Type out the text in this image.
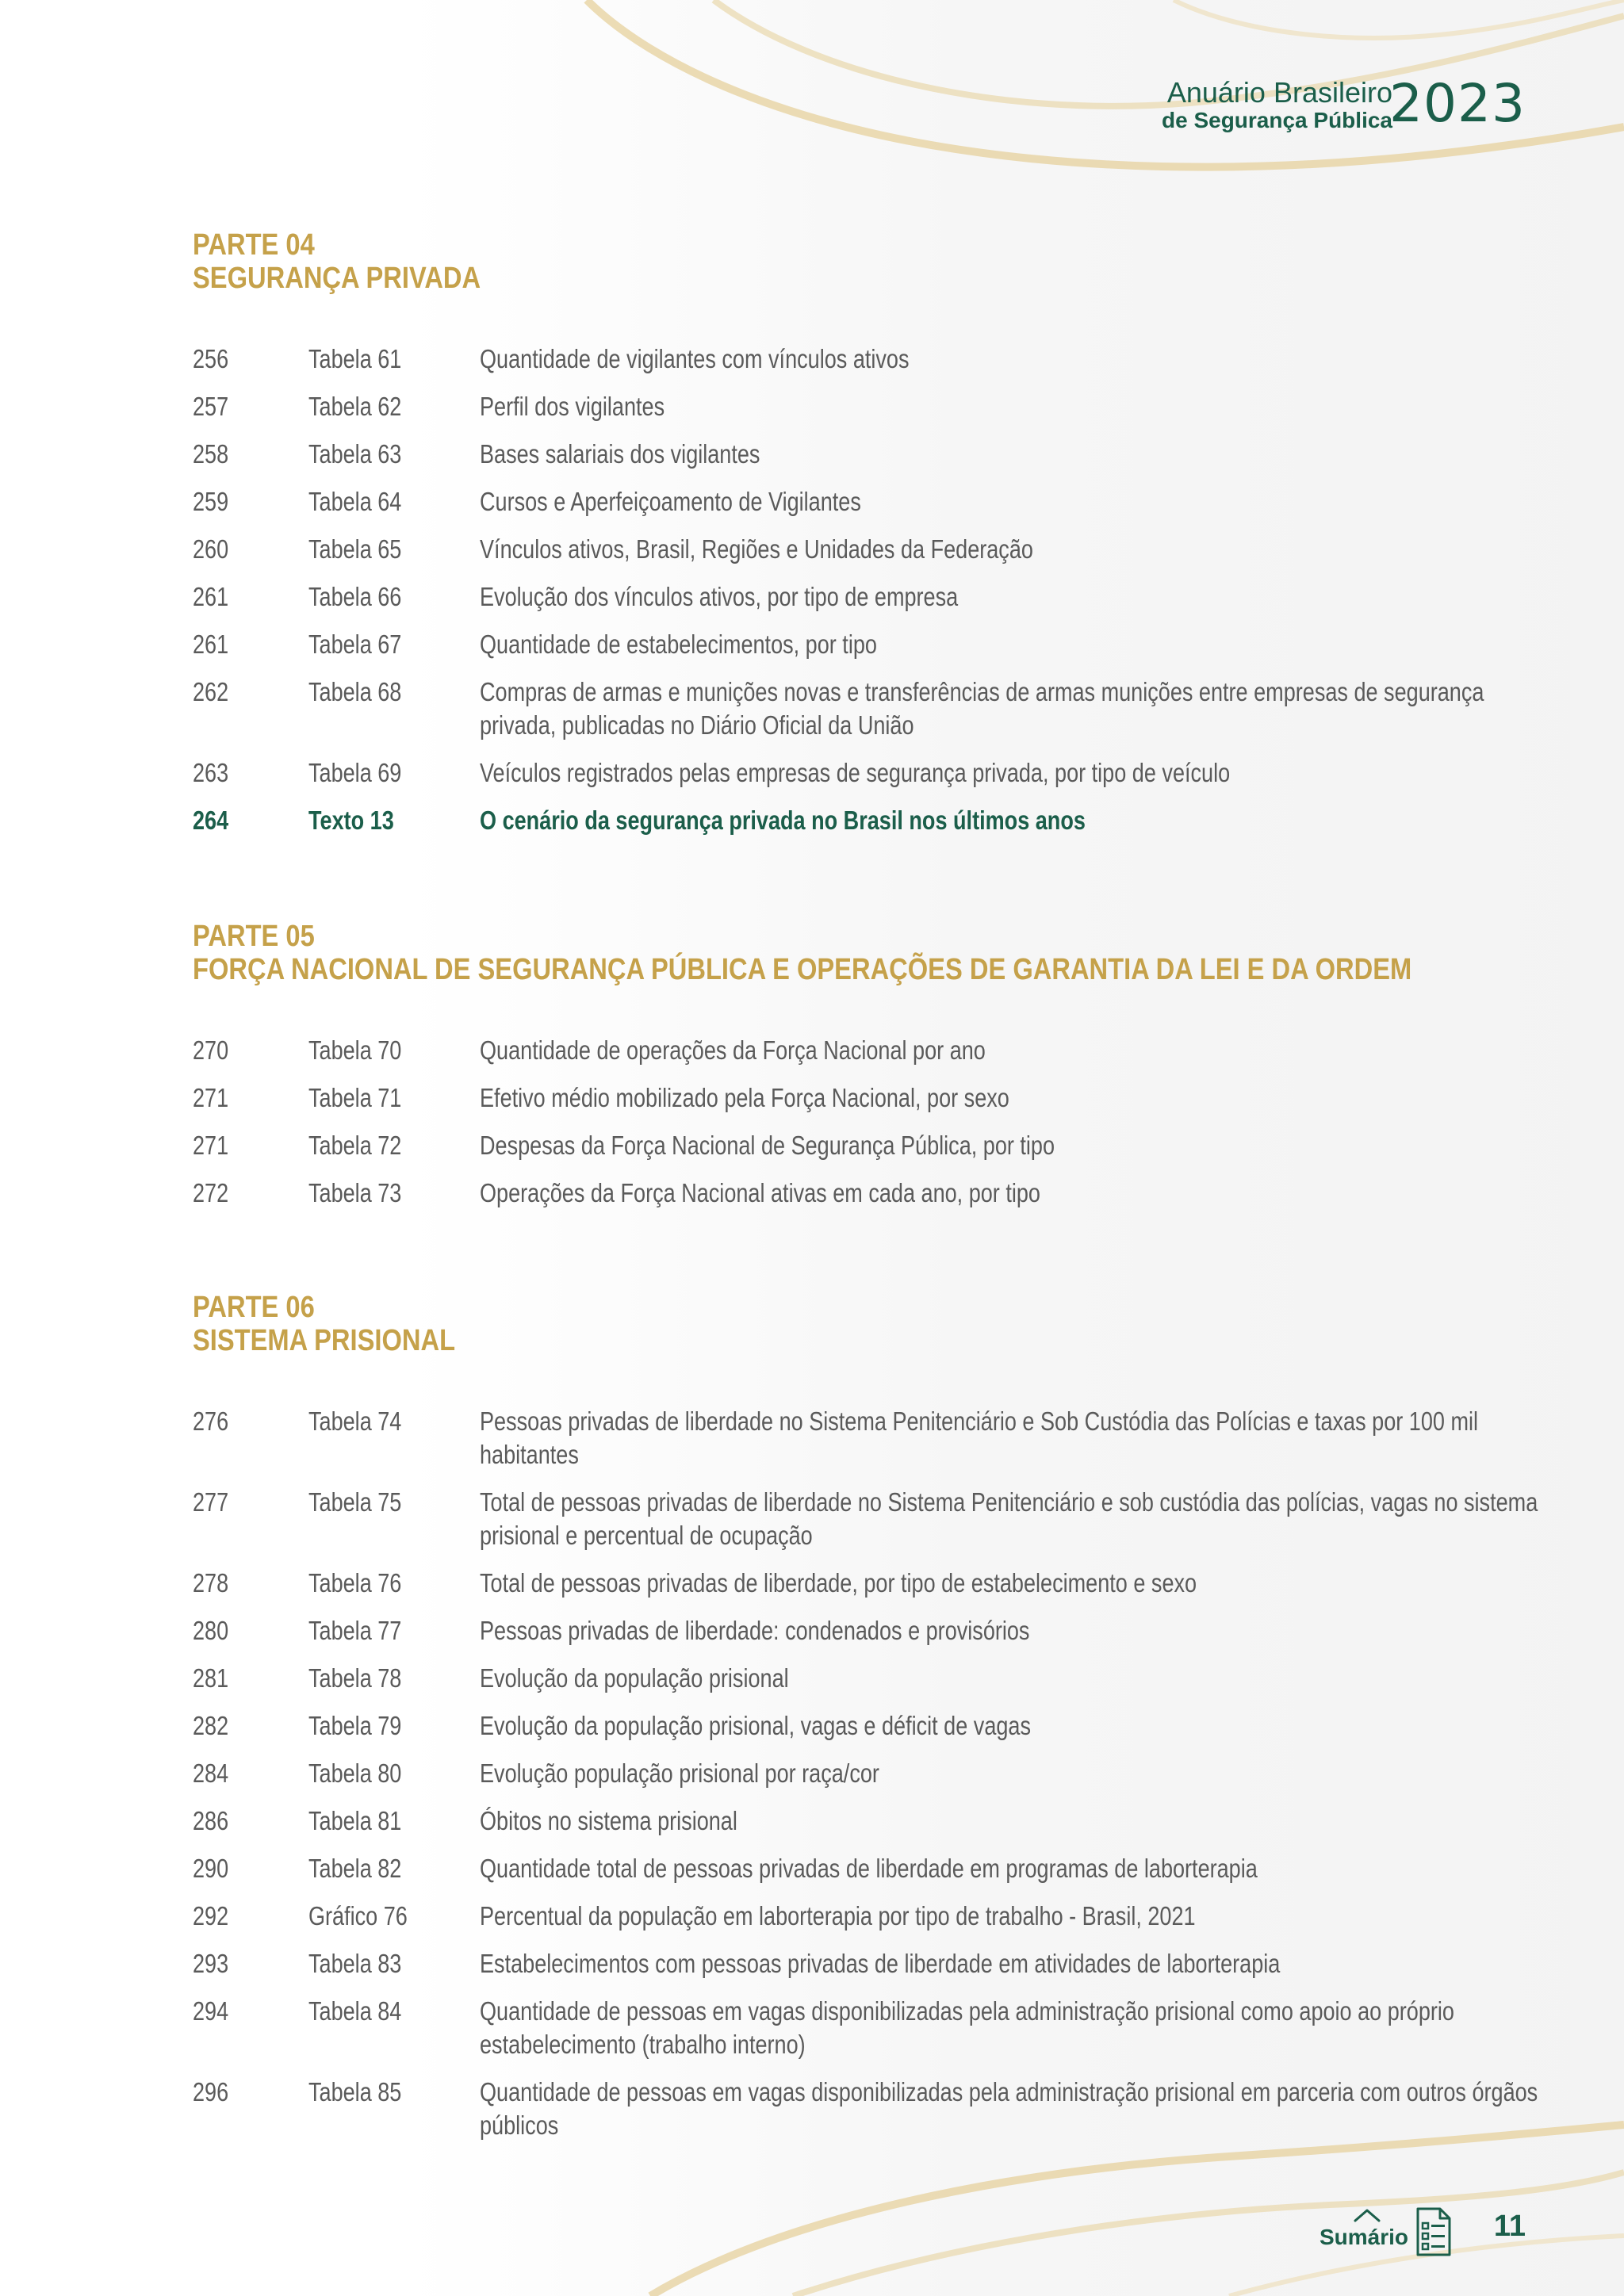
Anuário Brasileiro
de Segurança Pública
2023
PARTE 04
SEGURANÇA PRIVADA
256	Tabela 61	Quantidade de vigilantes com vínculos ativos
257	Tabela 62	Perfil dos vigilantes
258	Tabela 63	Bases salariais dos vigilantes
259	Tabela 64	Cursos e Aperfeiçoamento de Vigilantes
260	Tabela 65	Vínculos ativos, Brasil, Regiões e Unidades da Federação
261	Tabela 66	Evolução dos vínculos ativos, por tipo de empresa
261	Tabela 67	Quantidade de estabelecimentos, por tipo
262	Tabela 68	Compras de armas e munições novas e transferências de armas munições entre empresas de segurança privada, publicadas no Diário Oficial da União
263	Tabela 69	Veículos registrados pelas empresas de segurança privada, por tipo de veículo
264	Texto 13	O cenário da segurança privada no Brasil nos últimos anos
PARTE 05
FORÇA NACIONAL DE SEGURANÇA PÚBLICA E OPERAÇÕES DE GARANTIA DA LEI E DA ORDEM
270	Tabela 70	Quantidade de operações da Força Nacional por ano
271	Tabela 71	Efetivo médio mobilizado pela Força Nacional, por sexo
271	Tabela 72	Despesas da Força Nacional de Segurança Pública, por tipo
272	Tabela 73	Operações da Força Nacional ativas em cada ano, por tipo
PARTE 06
SISTEMA PRISIONAL
276	Tabela 74	Pessoas privadas de liberdade no Sistema Penitenciário e Sob Custódia das Polícias e taxas por 100 mil habitantes
277	Tabela 75	Total de pessoas privadas de liberdade no Sistema Penitenciário e sob custódia das polícias, vagas no sistema prisional e percentual de ocupação
278	Tabela 76	Total de pessoas privadas de liberdade, por tipo de estabelecimento e sexo
280	Tabela 77	Pessoas privadas de liberdade: condenados e provisórios
281	Tabela 78	Evolução da população prisional
282	Tabela 79	Evolução da população prisional, vagas e déficit de vagas
284	Tabela 80	Evolução população prisional por raça/cor
286	Tabela 81	Óbitos no sistema prisional
290	Tabela 82	Quantidade total de pessoas privadas de liberdade em programas de laborterapia
292	Gráfico 76	Percentual da população em laborterapia por tipo de trabalho - Brasil, 2021
293	Tabela 83	Estabelecimentos com pessoas privadas de liberdade em atividades de laborterapia
294	Tabela 84	Quantidade de pessoas em vagas disponibilizadas pela administração prisional como apoio ao próprio estabelecimento (trabalho interno)
296	Tabela 85	Quantidade de pessoas em vagas disponibilizadas pela administração prisional em parceria com outros órgãos públicos
Sumário	11
